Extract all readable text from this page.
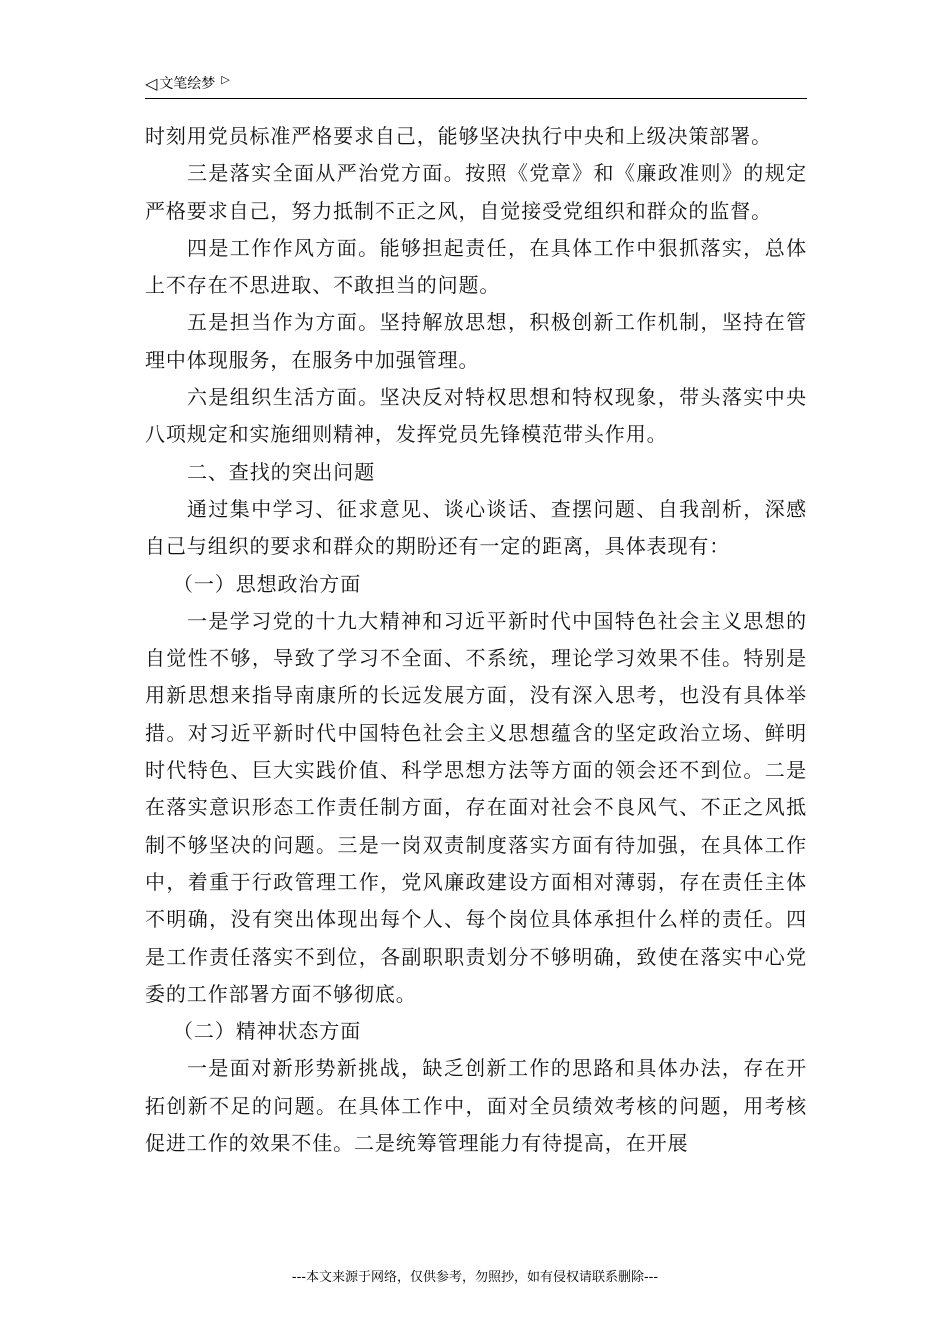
◁ 文笔绘梦 ▷

时刻用党员标准严格要求自己，能够坚决执行中央和上级决策部署。

三是落实全面从严治党方面。按照《党章》和《廉政准则》的规定严格要求自己，努力抵制不正之风，自觉接受党组织和群众的监督。

四是工作作风方面。能够担起责任，在具体工作中狠抓落实，总体上不存在不思进取、不敢担当的问题。

五是担当作为方面。坚持解放思想，积极创新工作机制，坚持在管理中体现服务，在服务中加强管理。

六是组织生活方面。坚决反对特权思想和特权现象，带头落实中央八项规定和实施细则精神，发挥党员先锋模范带头作用。

二、查找的突出问题

通过集中学习、征求意见、谈心谈话、查摆问题、自我剖析，深感自己与组织的要求和群众的期盼还有一定的距离，具体表现有：

（一）思想政治方面

一是学习党的十九大精神和习近平新时代中国特色社会主义思想的自觉性不够，导致了学习不全面、不系统，理论学习效果不佳。特别是用新思想来指导南康所的长远发展方面，没有深入思考，也没有具体举措。对习近平新时代中国特色社会主义思想蕴含的坚定政治立场、鲜明时代特色、巨大实践价值、科学思想方法等方面的领会还不到位。二是在落实意识形态工作责任制方面，存在面对社会不良风气、不正之风抵制不够坚决的问题。三是一岗双责制度落实方面有待加强，在具体工作中，着重于行政管理工作，党风廉政建设方面相对薄弱，存在责任主体不明确，没有突出体现出每个人、每个岗位具体承担什么样的责任。四是工作责任落实不到位，各副职职责划分不够明确，致使在落实中心党委的工作部署方面不够彻底。

（二）精神状态方面

一是面对新形势新挑战，缺乏创新工作的思路和具体办法，存在开拓创新不足的问题。在具体工作中，面对全员绩效考核的问题，用考核促进工作的效果不佳。二是统筹管理能力有待提高，在开展

---本文来源于网络，仅供参考，勿照抄，如有侵权请联系删除---
